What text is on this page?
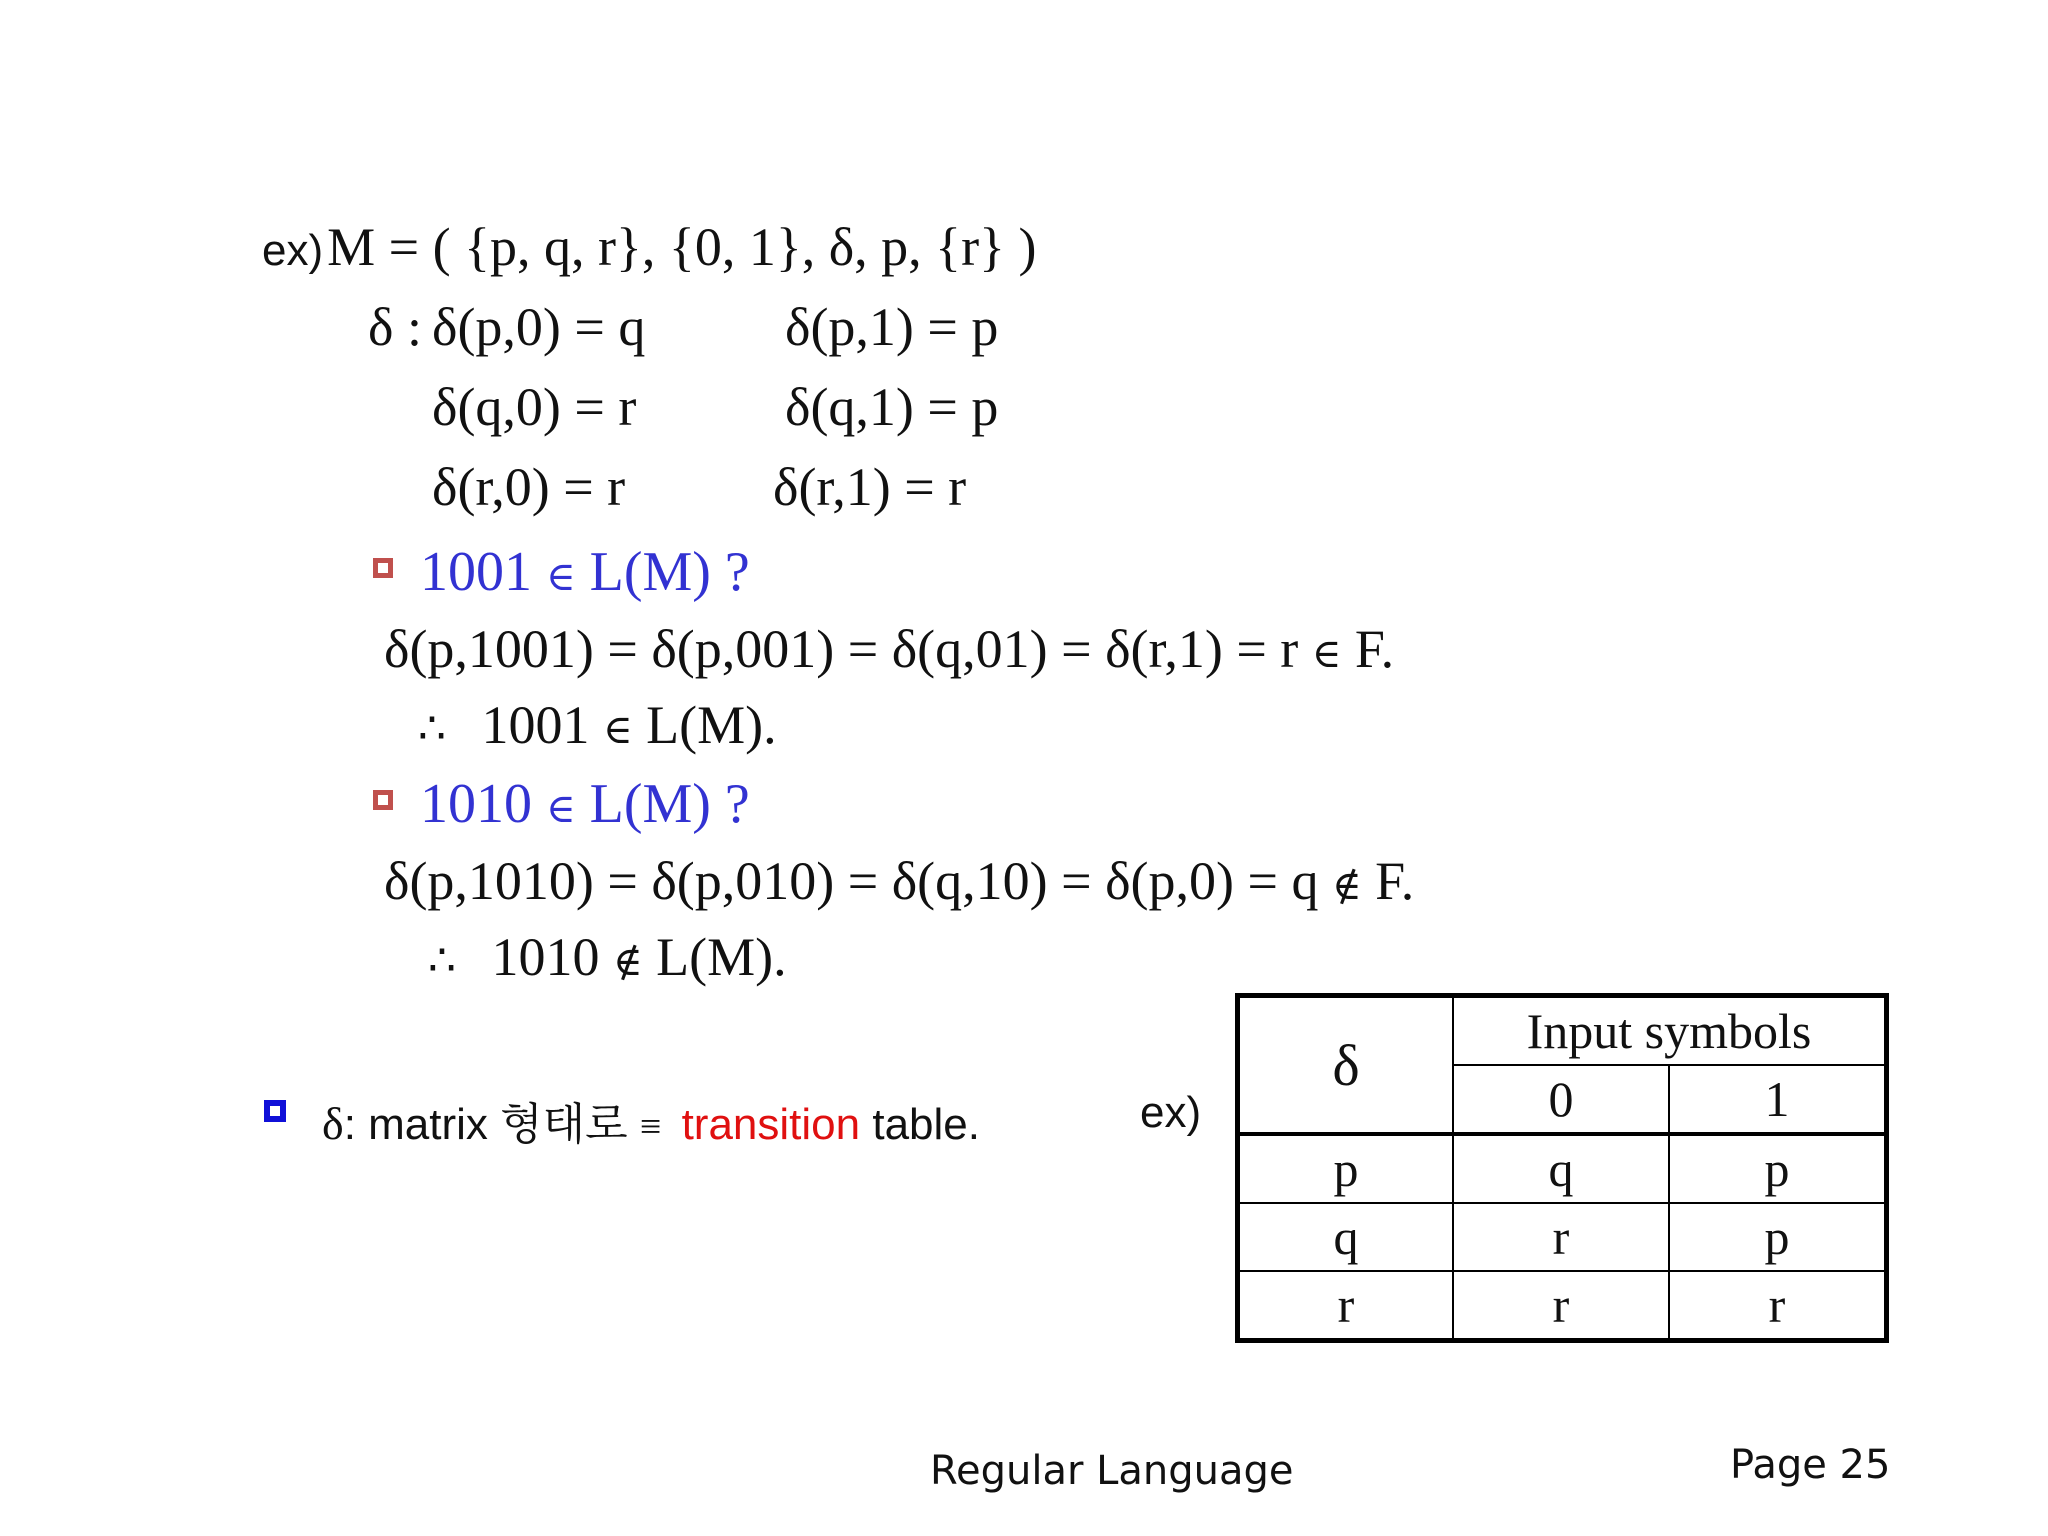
ex) M = ( {p, q, r}, {0, 1}, δ, p, {r} )
δ : δ(p,0) = q	δ(p,1) = p
δ(q,0) = r	δ(q,1) = p
δ(r,0) = r	δ(r,1) = r
1001 ∈ L(M) ?
δ(p,1001) = δ(p,001) = δ(q,01) = δ(r,1) = r ∈ F.
∴ 1001 ∈ L(M).
1010 ∈ L(M) ?
δ(p,1010) = δ(p,010) = δ(q,10) = δ(p,0) = q ∉ F.
∴ 1010 ∉ L(M).
δ: matrix 형태로 ≡ transition table.	ex)
δ	Input symbols	
	0	1
p	q	p
q	r	p
r	r	r
Regular Language	Page 25
